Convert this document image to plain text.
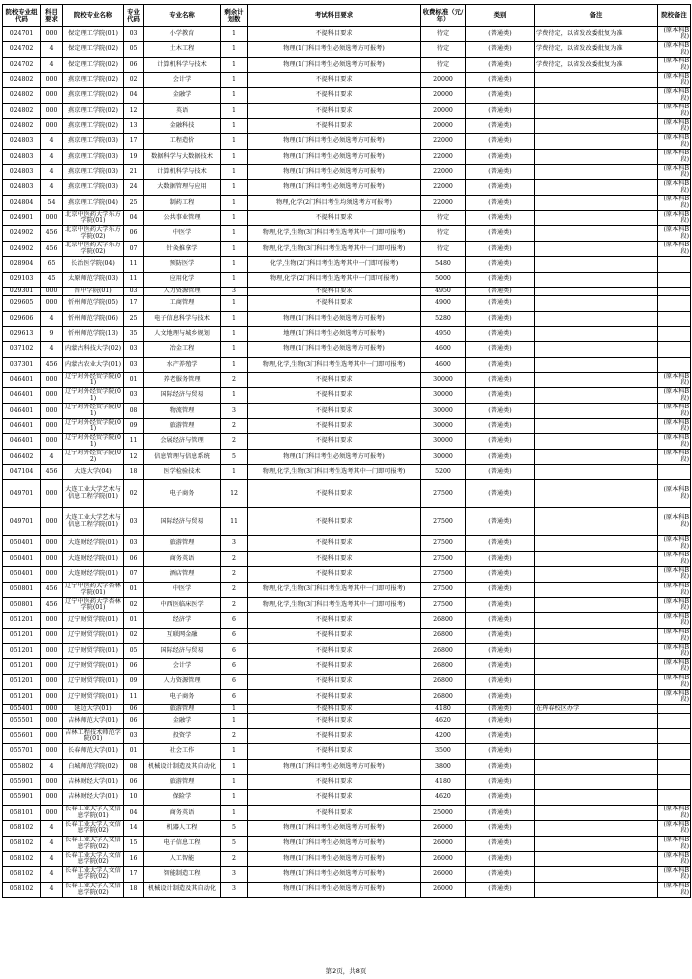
院校专业组代码	科目要求	院校专业名称	专业代码	专业名称	剩余计划数	考试科目要求	收费标准（元/年）	类别	备注	院校备注
024701	000	保定理工学院(01)	03	小学教育	1	不提科目要求	待定	(普通类)	学费待定，以省发改委批复为准	(原本科B段)
024702	4	保定理工学院(02)	05	土木工程	1	物理(1门科目考生必须选考方可报考)	待定	(普通类)	学费待定，以省发改委批复为准	(原本科B段)
024702	4	保定理工学院(02)	06	计算机科学与技术	1	物理(1门科目考生必须选考方可报考)	待定	(普通类)	学费待定，以省发改委批复为准	(原本科B段)
024802	000	燕京理工学院(02)	02	会计学	1	不提科目要求	20000	(普通类)		(原本科B段)
024802	000	燕京理工学院(02)	04	金融学	1	不提科目要求	20000	(普通类)		(原本科B段)
024802	000	燕京理工学院(02)	12	英语	1	不提科目要求	20000	(普通类)		(原本科B段)
024802	000	燕京理工学院(02)	13	金融科技	1	不提科目要求	20000	(普通类)		(原本科B段)
024803	4	燕京理工学院(03)	17	工程造价	1	物理(1门科目考生必须选考方可报考)	22000	(普通类)		(原本科B段)
024803	4	燕京理工学院(03)	19	数据科学与大数据技术	1	物理(1门科目考生必须选考方可报考)	22000	(普通类)		(原本科B段)
024803	4	燕京理工学院(03)	21	计算机科学与技术	1	物理(1门科目考生必须选考方可报考)	22000	(普通类)		(原本科B段)
024803	4	燕京理工学院(03)	24	大数据管理与应用	1	物理(1门科目考生必须选考方可报考)	22000	(普通类)		(原本科B段)
024804	54	燕京理工学院(04)	25	制药工程	1	物理,化学(2门科目考生均须选考方可报考)	22000	(普通类)		(原本科B段)
024901	000	北京中医药大学东方学院(01)	04	公共事业管理	1	不提科目要求	待定	(普通类)		(原本科B段)
024902	456	北京中医药大学东方学院(02)	06	中医学	1	物理,化学,生物(3门科目考生选考其中一门即可报考)	待定	(普通类)		(原本科B段)
024902	456	北京中医药大学东方学院(02)	07	针灸推拿学	1	物理,化学,生物(3门科目考生选考其中一门即可报考)	待定	(普通类)		(原本科B段)
028904	65	长治医学院(04)	11	预防医学	1	化学,生物(2门科目考生选考其中一门即可报考)	5480	(普通类)		
029103	45	太原师范学院(03)	11	应用化学	1	物理,化学(2门科目考生选考其中一门即可报考)	5000	(普通类)		
029301	000	晋中学院(01)	03	人力资源管理	3	不提科目要求	4950	(普通类)		
029605	000	忻州师范学院(05)	17	工商管理	1	不提科目要求	4900	(普通类)		
029606	4	忻州师范学院(06)	25	电子信息科学与技术	1	物理(1门科目考生必须选考方可报考)	5280	(普通类)		
029613	9	忻州师范学院(13)	35	人文地理与城乡规划	1	地理(1门科目考生必须选考方可报考)	4950	(普通类)		
037102	4	内蒙古科技大学(02)	03	冶金工程	1	物理(1门科目考生必须选考方可报考)	4600	(普通类)		
037301	456	内蒙古农业大学(01)	03	水产养殖学	1	物理,化学,生物(3门科目考生选考其中一门即可报考)	4600	(普通类)		
046401	000	辽宁对外经贸学院(01)	01	养老服务管理	2	不提科目要求	30000	(普通类)		(原本科B段)
046401	000	辽宁对外经贸学院(01)	03	国际经济与贸易	1	不提科目要求	30000	(普通类)		(原本科B段)
046401	000	辽宁对外经贸学院(01)	08	物流管理	3	不提科目要求	30000	(普通类)		(原本科B段)
046401	000	辽宁对外经贸学院(01)	09	旅游管理	2	不提科目要求	30000	(普通类)		(原本科B段)
046401	000	辽宁对外经贸学院(01)	11	会展经济与管理	2	不提科目要求	30000	(普通类)		(原本科B段)
046402	4	辽宁对外经贸学院(02)	12	信息管理与信息系统	5	物理(1门科目考生必须选考方可报考)	30000	(普通类)		(原本科B段)
047104	456	大连大学(04)	18	医学检验技术	1	物理,化学,生物(3门科目考生选考其中一门即可报考)	5200	(普通类)		
049701	000	大连工业大学艺术与信息工程学院(01)	02	电子商务	12	不提科目要求	27500	(普通类)		(原本科B段)
049701	000	大连工业大学艺术与信息工程学院(01)	03	国际经济与贸易	11	不提科目要求	27500	(普通类)		(原本科B段)
050401	000	大连财经学院(01)	03	旅游管理	3	不提科目要求	27500	(普通类)		(原本科B段)
050401	000	大连财经学院(01)	06	商务英语	2	不提科目要求	27500	(普通类)		(原本科B段)
050401	000	大连财经学院(01)	07	酒店管理	2	不提科目要求	27500	(普通类)		(原本科B段)
050801	456	辽宁中医药大学杏林学院(01)	01	中医学	2	物理,化学,生物(3门科目考生选考其中一门即可报考)	27500	(普通类)		(原本科B段)
050801	456	辽宁中医药大学杏林学院(01)	02	中西医临床医学	2	物理,化学,生物(3门科目考生选考其中一门即可报考)	27500	(普通类)		(原本科B段)
051201	000	辽宁财贸学院(01)	01	经济学	6	不提科目要求	26800	(普通类)		(原本科B段)
051201	000	辽宁财贸学院(01)	02	互联网金融	6	不提科目要求	26800	(普通类)		(原本科B段)
051201	000	辽宁财贸学院(01)	05	国际经济与贸易	6	不提科目要求	26800	(普通类)		(原本科B段)
051201	000	辽宁财贸学院(01)	06	会计学	6	不提科目要求	26800	(普通类)		(原本科B段)
051201	000	辽宁财贸学院(01)	09	人力资源管理	6	不提科目要求	26800	(普通类)		(原本科B段)
051201	000	辽宁财贸学院(01)	11	电子商务	6	不提科目要求	26800	(普通类)		(原本科B段)
055401	000	延边大学(01)	06	旅游管理	1	不提科目要求	4180	(普通类)	在珲春校区办学	
055501	000	吉林师范大学(01)	06	金融学	1	不提科目要求	4620	(普通类)		
055601	000	吉林工程技术师范学院(01)	03	投资学	2	不提科目要求	4200	(普通类)		
055701	000	长春师范大学(01)	01	社会工作	1	不提科目要求	3500	(普通类)		
055802	4	白城师范学院(02)	08	机械设计制造及其自动化	1	物理(1门科目考生必须选考方可报考)	3800	(普通类)		
055901	000	吉林财经大学(01)	06	旅游管理	1	不提科目要求	4180	(普通类)		
055901	000	吉林财经大学(01)	10	保险学	1	不提科目要求	4620	(普通类)		
058101	000	长春工业大学人文信息学院(01)	04	商务英语	1	不提科目要求	25000	(普通类)		(原本科B段)
058102	4	长春工业大学人文信息学院(02)	14	机器人工程	5	物理(1门科目考生必须选考方可报考)	26000	(普通类)		(原本科B段)
058102	4	长春工业大学人文信息学院(02)	15	电子信息工程	5	物理(1门科目考生必须选考方可报考)	26000	(普通类)		(原本科B段)
058102	4	长春工业大学人文信息学院(02)	16	人工智能	2	物理(1门科目考生必须选考方可报考)	26000	(普通类)		(原本科B段)
058102	4	长春工业大学人文信息学院(02)	17	智能制造工程	3	物理(1门科目考生必须选考方可报考)	26000	(普通类)		(原本科B段)
058102	4	长春工业大学人文信息学院(02)	18	机械设计制造及其自动化	3	物理(1门科目考生必须选考方可报考)	26000	(普通类)		(原本科B段)
第2页，共8页
